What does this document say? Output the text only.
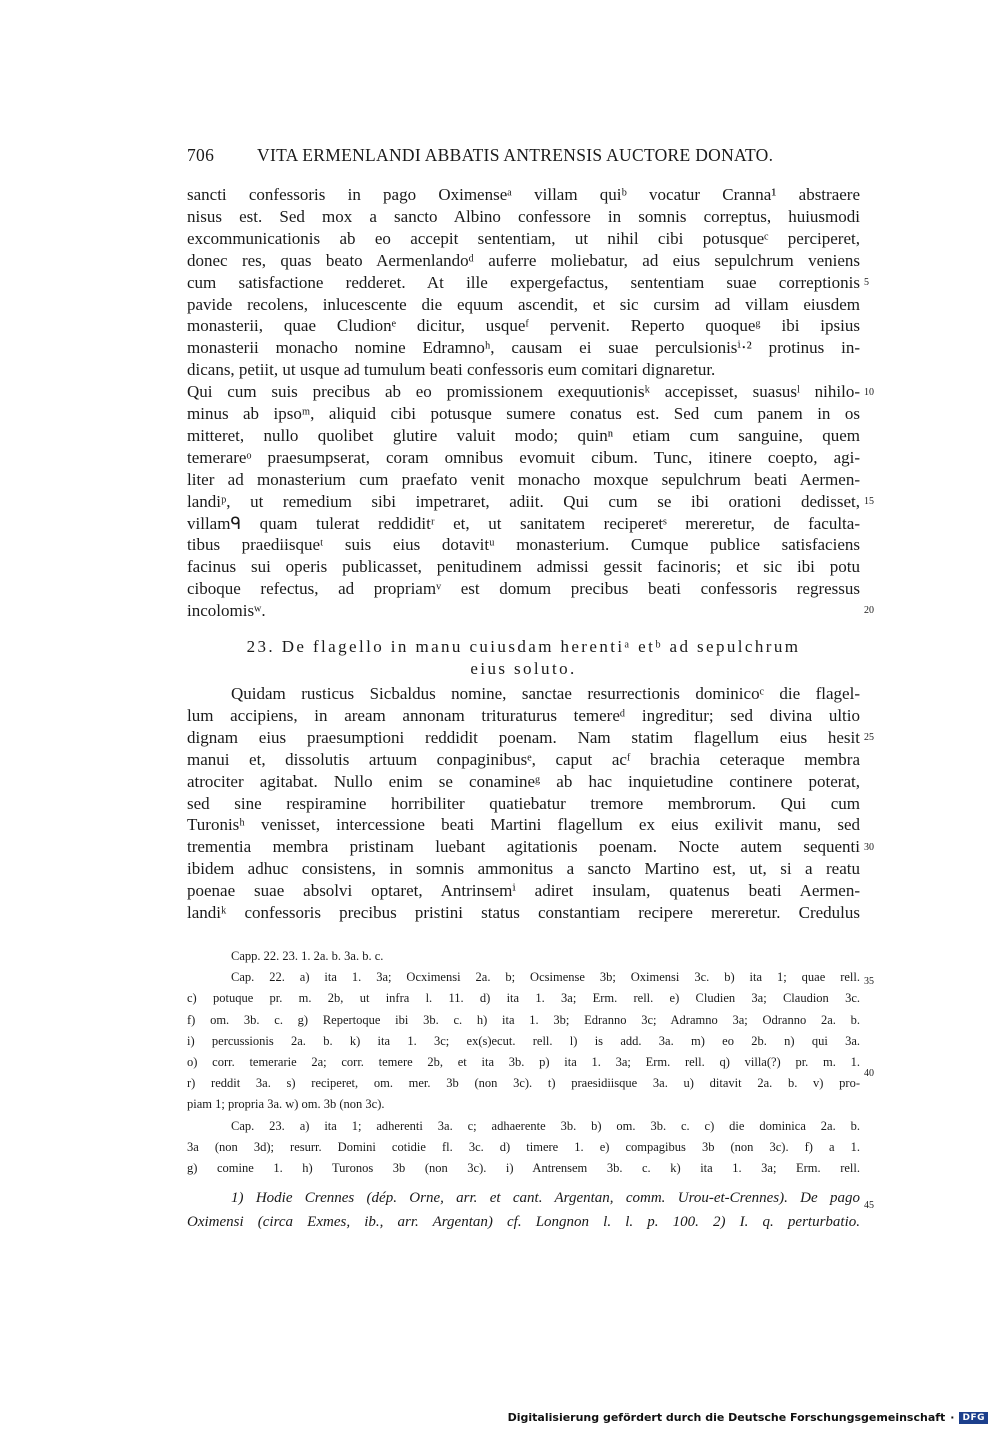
706 VITA ERMENLANDI ABBATIS ANTRENSIS AUCTORE DONATO.
sancti confessoris in pago Oximenseᵃ villam quiᵇ vocatur Cranna¹ abstraere
nisus est. Sed mox a sancto Albino confessore in somnis correptus, huiusmodi
excommunicationis ab eo accepit sententiam, ut nihil cibi potusqueᶜ perciperet,
donec res, quas beato Aermenlandoᵈ auferre moliebatur, ad eius sepulchrum veniens
cum satisfactione redderet. At ille expergefactus, sententiam suae correptionis
pavide recolens, inlucescente die equum ascendit, et sic cursim ad villam eiusdem
monasterii, quae Cludionᵉ dicitur, usqueᶠ pervenit. Reperto quoqueᵍ ibi ipsius
monasterii monacho nomine Edramnoʰ, causam ei suae perculsionisⁱ⋅² protinus in-
dicans, petiit, ut usque ad tumulum beati confessoris eum comitari dignaretur.
Qui cum suis precibus ab eo promissionem exequutionisᵏ accepisset, suasusˡ nihilo-
minus ab ipsoᵐ, aliquid cibi potusque sumere conatus est. Sed cum panem in os
mitteret, nullo quolibet glutire valuit modo; quinⁿ etiam cum sanguine, quem
temerareᵒ praesumpserat, coram omnibus evomuit cibum. Tunc, itinere coepto, agi-
liter ad monasterium cum praefato venit monacho moxque sepulchrum beati Aermen-
landiᵖ, ut remedium sibi impetraret, adiit. Qui cum se ibi orationi dedisset,
villamᑫ quam tulerat reddiditʳ et, ut sanitatem reciperetˢ mereretur, de faculta-
tibus praediisqueᵗ suis eius dotavitᵘ monasterium. Cumque publice satisfaciens
facinus sui operis publicasset, penitudinem admissi gessit facinoris; et sic ibi potu
ciboque refectus, ad propriamᵛ est domum precibus beati confessoris regressus
incolomisʷ.
23. De flagello in manu cuiusdam herentiᵃ etᵇ ad sepulchrum
eius soluto.
Quidam rusticus Sicbaldus nomine, sanctae resurrectionis dominicoᶜ die flagel-
lum accipiens, in aream annonam trituraturus temereᵈ ingreditur; sed divina ultio
dignam eius praesumptioni reddidit poenam. Nam statim flagellum eius hesit
manui et, dissolutis artuum conpaginibusᵉ, caput acᶠ brachia ceteraque membra
atrociter agitabat. Nullo enim se conamineᵍ ab hac inquietudine continere poterat,
sed sine respiramine horribiliter quatiebatur tremore membrorum. Qui cum
Turonisʰ venisset, intercessione beati Martini flagellum ex eius exilivit manu, sed
trementia membra pristinam luebant agitationis poenam. Nocte autem sequenti
ibidem adhuc consistens, in somnis ammonitus a sancto Martino est, ut, si a reatu
poenae suae absolvi optaret, Antrinsemⁱ adiret insulam, quatenus beati Aermen-
landiᵏ confessoris precibus pristini status constantiam recipere mereretur. Credulus
5
10
15
20
25
30
35
40
45
Capp. 22. 23. 1. 2a. b. 3a. b. c.
Cap. 22. a) ita 1. 3a; Ocximensi 2a. b; Ocsimense 3b; Oximensi 3c. b) ita 1; quae rell.
c) potuque pr. m. 2b, ut infra l. 11. d) ita 1. 3a; Erm. rell. e) Cludien 3a; Claudion 3c.
f) om. 3b. c. g) Repertoque ibi 3b. c. h) ita 1. 3b; Edranno 3c; Adramno 3a; Odranno 2a. b.
i) percussionis 2a. b. k) ita 1. 3c; ex(s)ecut. rell. l) is add. 3a. m) eo 2b. n) qui 3a.
o) corr. temerarie 2a; corr. temere 2b, et ita 3b. p) ita 1. 3a; Erm. rell. q) villa(?) pr. m. 1.
r) reddit 3a. s) reciperet, om. mer. 3b (non 3c). t) praesidiisque 3a. u) ditavit 2a. b. v) pro-
piam 1; propria 3a. w) om. 3b (non 3c).
Cap. 23. a) ita 1; adherenti 3a. c; adhaerente 3b. b) om. 3b. c. c) die dominica 2a. b.
3a (non 3d); resurr. Domini cotidie fl. 3c. d) timere 1. e) compagibus 3b (non 3c). f) a 1.
g) comine 1. h) Turonos 3b (non 3c). i) Antrensem 3b. c. k) ita 1. 3a; Erm. rell.
1) Hodie Crennes (dép. Orne, arr. et cant. Argentan, comm. Urou-et-Crennes). De pago
Oximensi (circa Exmes, ib., arr. Argentan) cf. Longnon l. l. p. 100. 2) I. q. perturbatio.
Digitalisierung gefördert durch die Deutsche Forschungsgemeinschaft · DFG
